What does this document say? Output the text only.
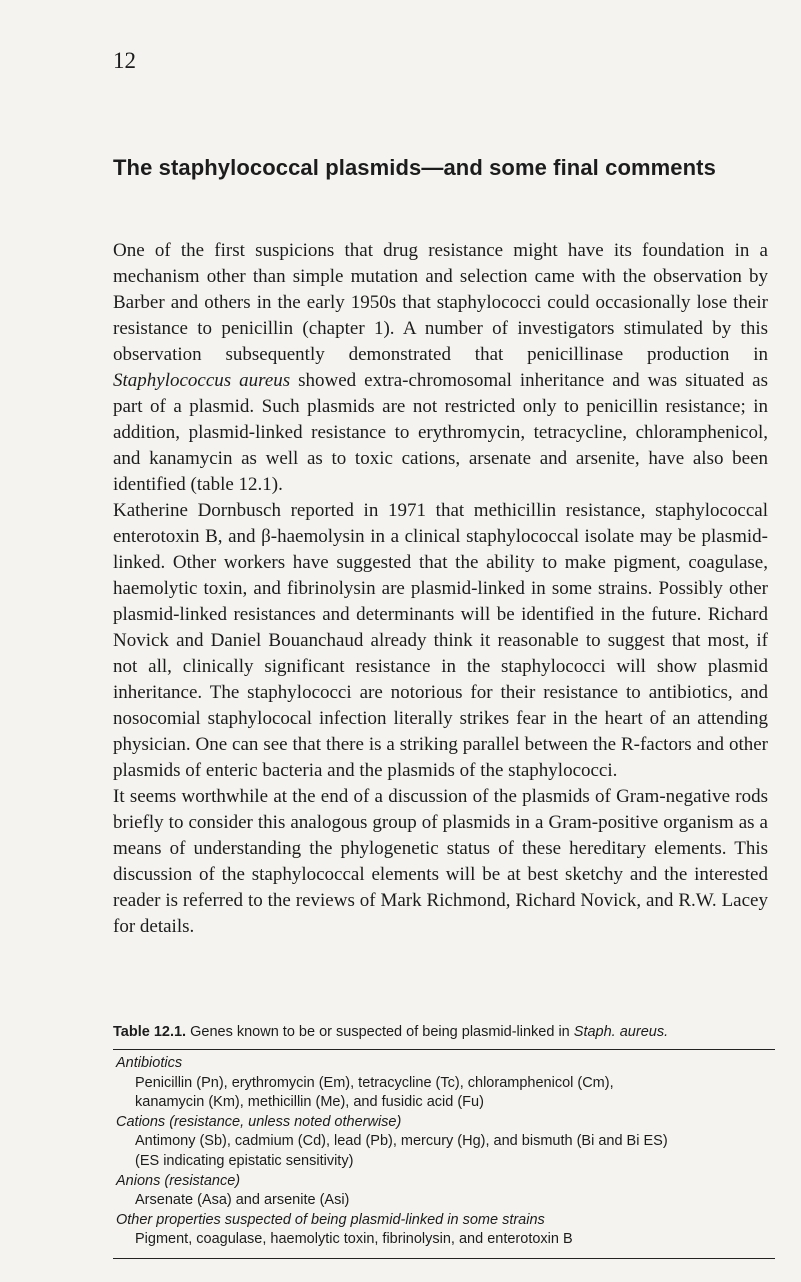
12
The staphylococcal plasmids—and some final comments

One of the first suspicions that drug resistance might have its foundation in a mechanism other than simple mutation and selection came with the observation by Barber and others in the early 1950s that staphylococci could occasionally lose their resistance to penicillin (chapter 1). A number of investigators stimulated by this observation subsequently demonstrated that penicillinase production in Staphylococcus aureus showed extra-chromosomal inheritance and was situated as part of a plasmid. Such plasmids are not restricted only to penicillin resistance; in addition, plasmid-linked resistance to erythromycin, tetracycline, chloramphenicol, and kanamycin as well as to toxic cations, arsenate and arsenite, have also been identified (table 12.1).

Katherine Dornbusch reported in 1971 that methicillin resistance, staphylococcal enterotoxin B, and β-haemolysin in a clinical staphylococcal isolate may be plasmid-linked. Other workers have suggested that the ability to make pigment, coagulase, haemolytic toxin, and fibrinolysin are plasmid-linked in some strains. Possibly other plasmid-linked resistances and determinants will be identified in the future. Richard Novick and Daniel Bouanchaud already think it reasonable to suggest that most, if not all, clinically significant resistance in the staphylococci will show plasmid inheritance. The staphylococci are notorious for their resistance to antibiotics, and nosocomial staphylococal infection literally strikes fear in the heart of an attending physician. One can see that there is a striking parallel between the R-factors and other plasmids of enteric bacteria and the plasmids of the staphylococci.

It seems worthwhile at the end of a discussion of the plasmids of Gram-negative rods briefly to consider this analogous group of plasmids in a Gram-positive organism as a means of understanding the phylogenetic status of these hereditary elements. This discussion of the staphylococcal elements will be at best sketchy and the interested reader is referred to the reviews of Mark Richmond, Richard Novick, and R.W. Lacey for details.

Table 12.1. Genes known to be or suspected of being plasmid-linked in Staph. aureus.

Antibiotics

Penicillin (Pn), erythromycin (Em), tetracycline (Tc), chloramphenicol (Cm),

kanamycin (Km), methicillin (Me), and fusidic acid (Fu)

Cations (resistance, unless noted otherwise)

Antimony (Sb), cadmium (Cd), lead (Pb), mercury (Hg), and bismuth (Bi and Bi ES)

(ES indicating epistatic sensitivity)

Anions (resistance)

Arsenate (Asa) and arsenite (Asi)

Other properties suspected of being plasmid-linked in some strains

Pigment, coagulase, haemolytic toxin, fibrinolysin, and enterotoxin B
